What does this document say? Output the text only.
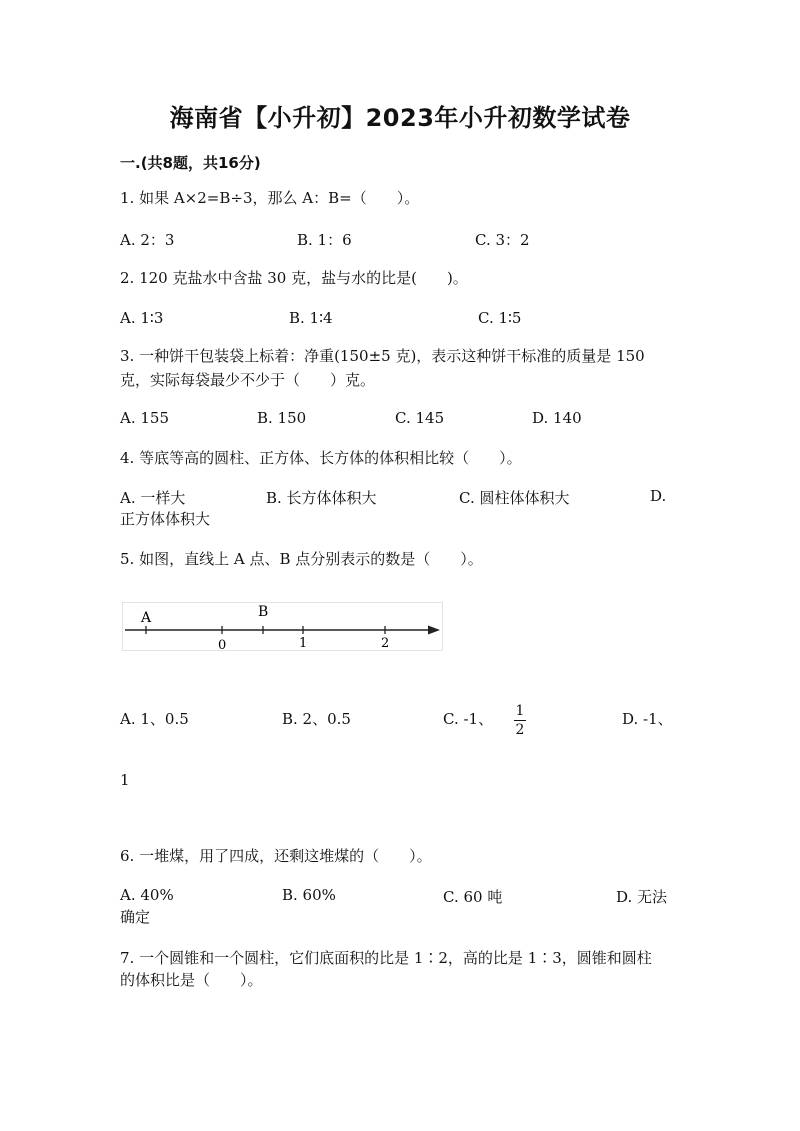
海南省【小升初】2023年小升初数学试卷
一.(共8题，共16分)
1. 如果 A×2=B÷3，那么 A：B=（　　）。
A. 2：3	B. 1：6	C. 3：2
2. 120 克盐水中含盐 30 克，盐与水的比是(　　)。
A. 1∶3	B. 1∶4	C. 1∶5
3. 一种饼干包装袋上标着：净重(150±5 克)，表示这种饼干标准的质量是 150
克，实际每袋最少不少于（　　）克。
A. 155	B. 150	C. 145	D. 140
4. 等底等高的圆柱、正方体、长方体的体积相比较（　　）。
A. 一样大	B. 长方体体积大	C. 圆柱体体积大	D.
正方体体积大
5. 如图，直线上 A 点、B 点分别表示的数是（　　）。
A	B
0	1	2
A. 1、0.5	B. 2、0.5	C. -1、 1
2
D. -1、
1
6. 一堆煤，用了四成，还剩这堆煤的（　　）。
A. 40%	B. 60%	C. 60 吨	D. 无法
确定
7. 一个圆锥和一个圆柱，它们底面积的比是 1∶2，高的比是 1∶3，圆锥和圆柱
的体积比是（　　）。
